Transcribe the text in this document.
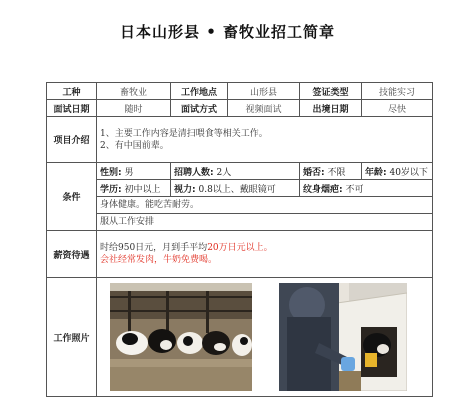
日本山形县 • 畜牧业招工简章
工种	畜牧业	工作地点	山形县	签证类型	技能实习
面试日期	随时	面试方式	视频面试	出境日期	尽快
项目介绍	1、主要工作内容是清扫喂食等相关工作。
2、有中国前辈。				

条件	性别: 男	招聘人数: 2人		婚否: 不限	年龄: 40岁以下
	学历: 初中以上	视力: 0.8以上、戴眼镜可		纹身烟疤: 不可	
	身体健康。能吃苦耐劳。				
	服从工作安排				
薪资待遇	时给950日元，月到手平均20万日元以上。
会社经常发肉，牛奶免费喝。				

工作照片	
